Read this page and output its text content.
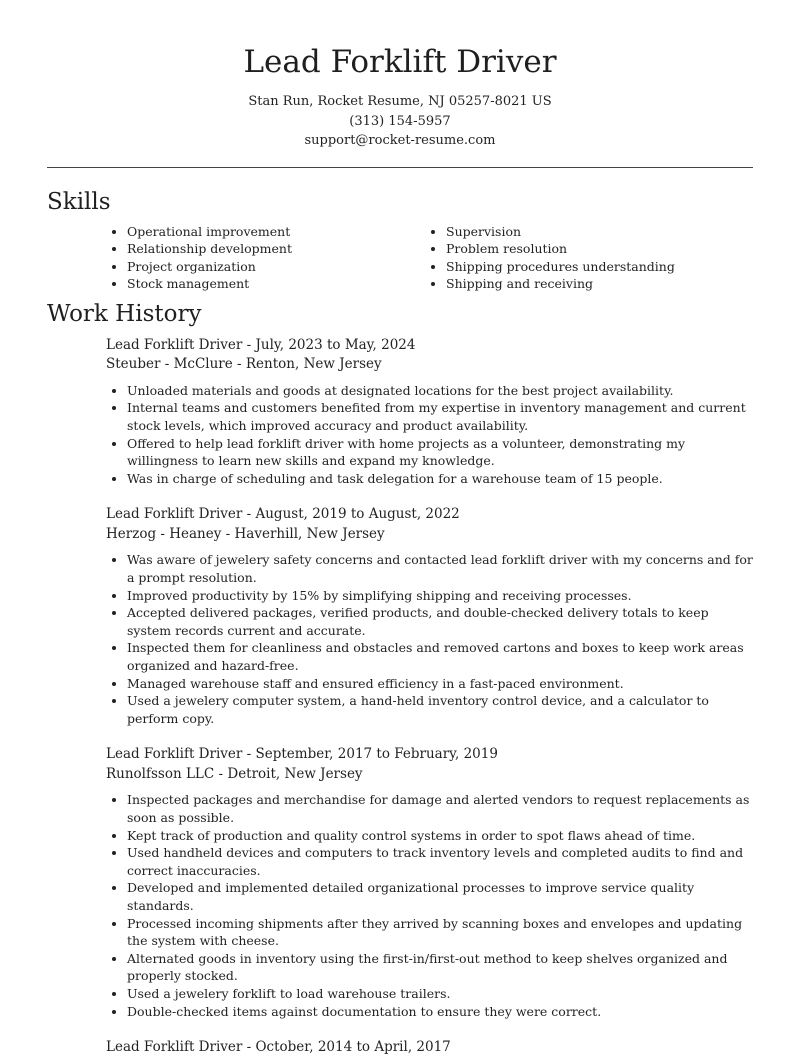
Lead Forklift Driver
Stan Run, Rocket Resume, NJ 05257-8021 US
(313) 154-5957
support@rocket-resume.com
Skills
• Operational improvement
• Relationship development
• Project organization
• Stock management
• Supervision
• Problem resolution
• Shipping procedures understanding
• Shipping and receiving
Work History
Lead Forklift Driver - July, 2023 to May, 2024
Steuber - McClure - Renton, New Jersey
• Unloaded materials and goods at designated locations for the best project availability.
• Internal teams and customers benefited from my expertise in inventory management and current stock levels, which improved accuracy and product availability.
• Offered to help lead forklift driver with home projects as a volunteer, demonstrating my willingness to learn new skills and expand my knowledge.
• Was in charge of scheduling and task delegation for a warehouse team of 15 people.
Lead Forklift Driver - August, 2019 to August, 2022
Herzog - Heaney - Haverhill, New Jersey
• Was aware of jewelery safety concerns and contacted lead forklift driver with my concerns and for a prompt resolution.
• Improved productivity by 15% by simplifying shipping and receiving processes.
• Accepted delivered packages, verified products, and double-checked delivery totals to keep system records current and accurate.
• Inspected them for cleanliness and obstacles and removed cartons and boxes to keep work areas organized and hazard-free.
• Managed warehouse staff and ensured efficiency in a fast-paced environment.
• Used a jewelery computer system, a hand-held inventory control device, and a calculator to perform copy.
Lead Forklift Driver - September, 2017 to February, 2019
Runolfsson LLC - Detroit, New Jersey
• Inspected packages and merchandise for damage and alerted vendors to request replacements as soon as possible.
• Kept track of production and quality control systems in order to spot flaws ahead of time.
• Used handheld devices and computers to track inventory levels and completed audits to find and correct inaccuracies.
• Developed and implemented detailed organizational processes to improve service quality standards.
• Processed incoming shipments after they arrived by scanning boxes and envelopes and updating the system with cheese.
• Alternated goods in inventory using the first-in/first-out method to keep shelves organized and properly stocked.
• Used a jewelery forklift to load warehouse trailers.
• Double-checked items against documentation to ensure they were correct.
Lead Forklift Driver - October, 2014 to April, 2017
